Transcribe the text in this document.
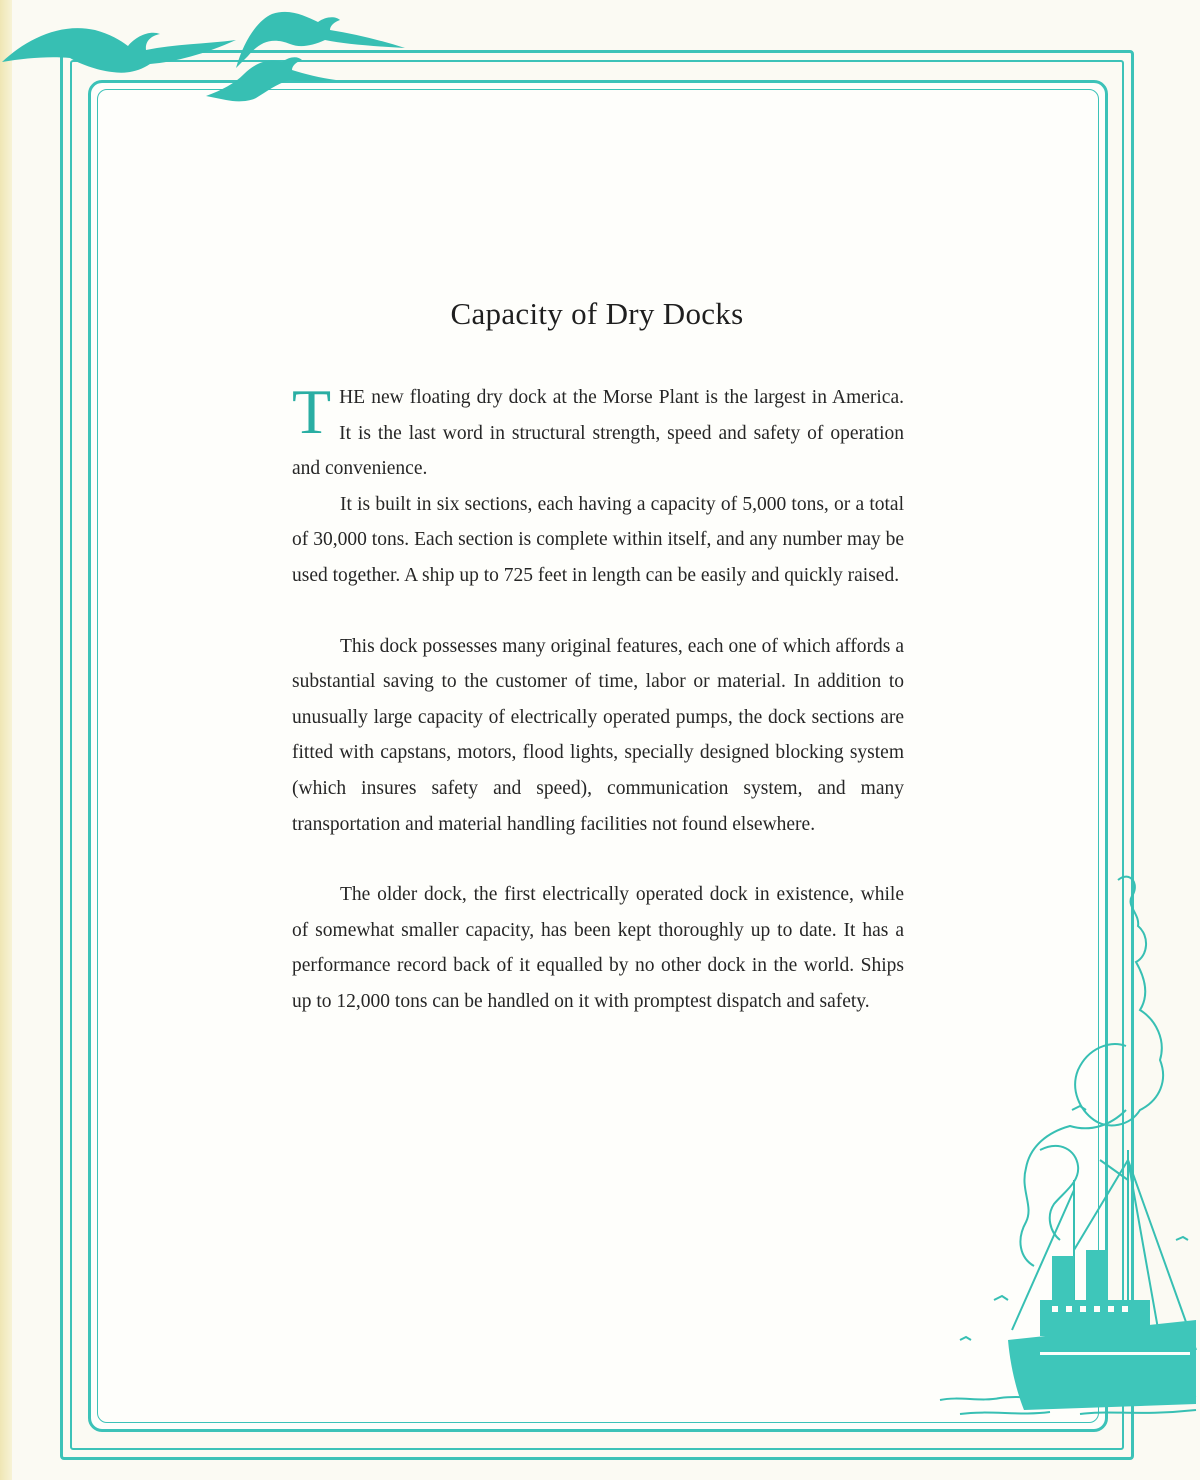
Capacity of Dry Docks

THE new floating dry dock at the Morse Plant is the largest in America. It is the last word in structural strength, speed and safety of operation and convenience.

It is built in six sections, each having a capacity of 5,000 tons, or a total of 30,000 tons. Each section is complete within itself, and any number may be used together. A ship up to 725 feet in length can be easily and quickly raised.

This dock possesses many original features, each one of which affords a substantial saving to the customer of time, labor or material. In addition to unusually large capacity of electrically operated pumps, the dock sections are fitted with capstans, motors, flood lights, specially designed blocking system (which insures safety and speed), communication system, and many transportation and material handling facilities not found elsewhere.

The older dock, the first electrically operated dock in existence, while of somewhat smaller capacity, has been kept thoroughly up to date. It has a performance record back of it equalled by no other dock in the world. Ships up to 12,000 tons can be handled on it with promptest dispatch and safety.
